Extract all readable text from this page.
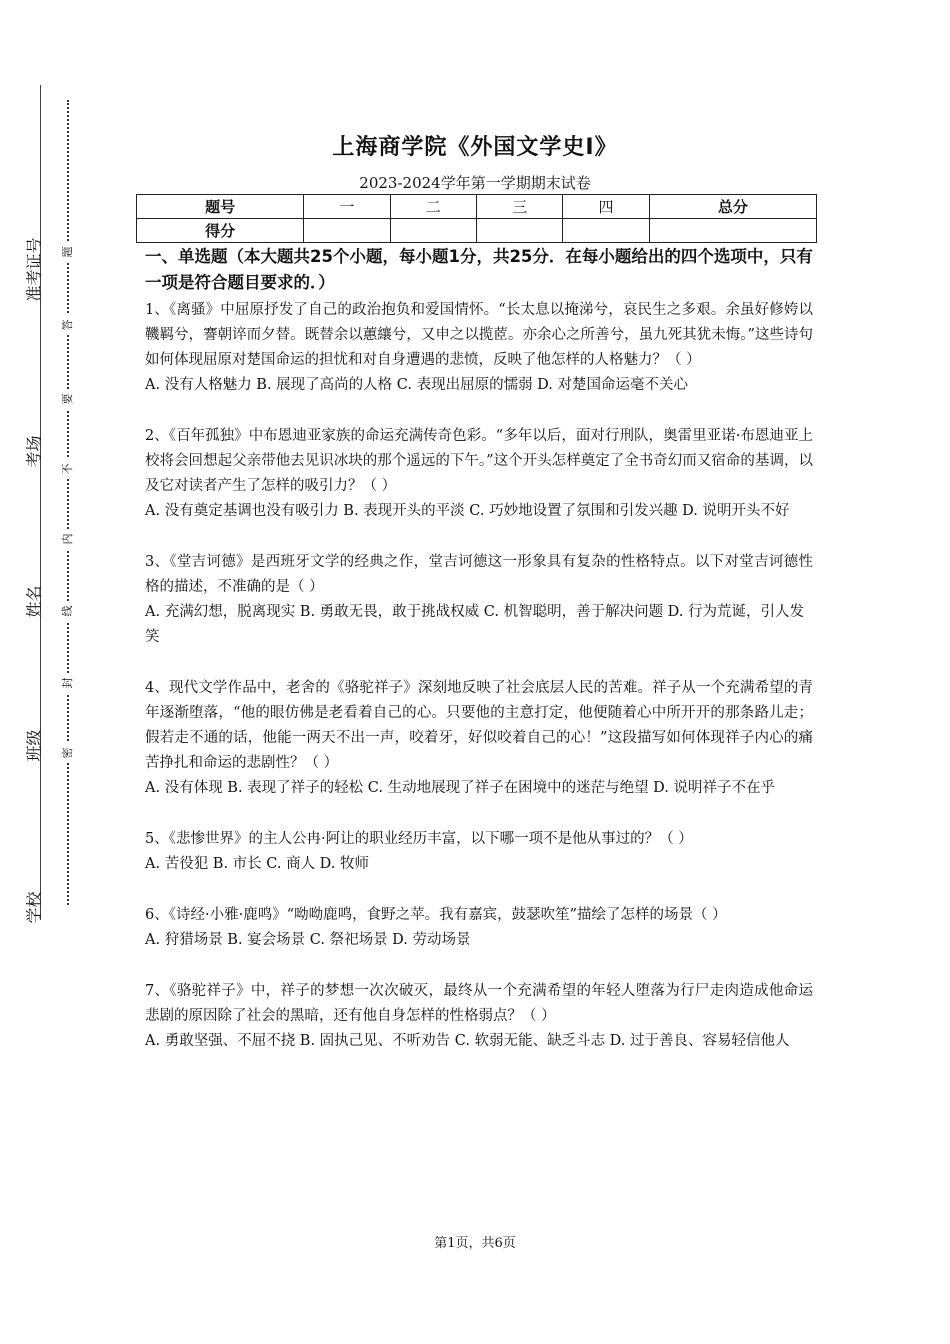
准考证号
考场
姓名
班级
学校
题
答
要
不
内
线
封
密
上海商学院《外国文学史Ⅰ》
2023-2024学年第一学期期末试卷
题号	一	二	三	四	总分
得分					

一、单选题（本大题共25个小题，每小题1分，共25分．在每小题给出的四个选项中，只有一项是符合题目要求的．）

1、《离骚》中屈原抒发了自己的政治抱负和爱国情怀。“长太息以掩涕兮，哀民生之多艰。余虽好修姱以鞿羁兮，謇朝谇而夕替。既替余以蕙纕兮，又申之以揽茝。亦余心之所善兮，虽九死其犹未悔。”这些诗句如何体现屈原对楚国命运的担忧和对自身遭遇的悲愤，反映了他怎样的人格魅力？（ ）

A. 没有人格魅力 B. 展现了高尚的人格 C. 表现出屈原的懦弱 D. 对楚国命运毫不关心

2、《百年孤独》中布恩迪亚家族的命运充满传奇色彩。“多年以后，面对行刑队，奥雷里亚诺·布恩迪亚上校将会回想起父亲带他去见识冰块的那个遥远的下午。”这个开头怎样奠定了全书奇幻而又宿命的基调，以及它对读者产生了怎样的吸引力？（ ）

A. 没有奠定基调也没有吸引力 B. 表现开头的平淡 C. 巧妙地设置了氛围和引发兴趣 D. 说明开头不好

3、《堂吉诃德》是西班牙文学的经典之作，堂吉诃德这一形象具有复杂的性格特点。以下对堂吉诃德性格的描述，不准确的是（ ）

A. 充满幻想，脱离现实 B. 勇敢无畏，敢于挑战权威 C. 机智聪明，善于解决问题 D. 行为荒诞，引人发笑

4、现代文学作品中，老舍的《骆驼祥子》深刻地反映了社会底层人民的苦难。祥子从一个充满希望的青年逐渐堕落，“他的眼仿佛是老看着自己的心。只要他的主意打定，他便随着心中所开开的那条路儿走；假若走不通的话，他能一两天不出一声，咬着牙，好似咬着自己的心！”这段描写如何体现祥子内心的痛苦挣扎和命运的悲剧性？（ ）

A. 没有体现 B. 表现了祥子的轻松 C. 生动地展现了祥子在困境中的迷茫与绝望 D. 说明祥子不在乎

5、《悲惨世界》的主人公冉·阿让的职业经历丰富，以下哪一项不是他从事过的？（ ）

A. 苦役犯 B. 市长 C. 商人 D. 牧师

6、《诗经·小雅·鹿鸣》“呦呦鹿鸣，食野之苹。我有嘉宾，鼓瑟吹笙”描绘了怎样的场景（ ）

A. 狩猎场景 B. 宴会场景 C. 祭祀场景 D. 劳动场景

7、《骆驼祥子》中，祥子的梦想一次次破灭，最终从一个充满希望的年轻人堕落为行尸走肉造成他命运悲剧的原因除了社会的黑暗，还有他自身怎样的性格弱点？（ ）

A. 勇敢坚强、不屈不挠 B. 固执己见、不听劝告 C. 软弱无能、缺乏斗志 D. 过于善良、容易轻信他人

第1页，共6页
